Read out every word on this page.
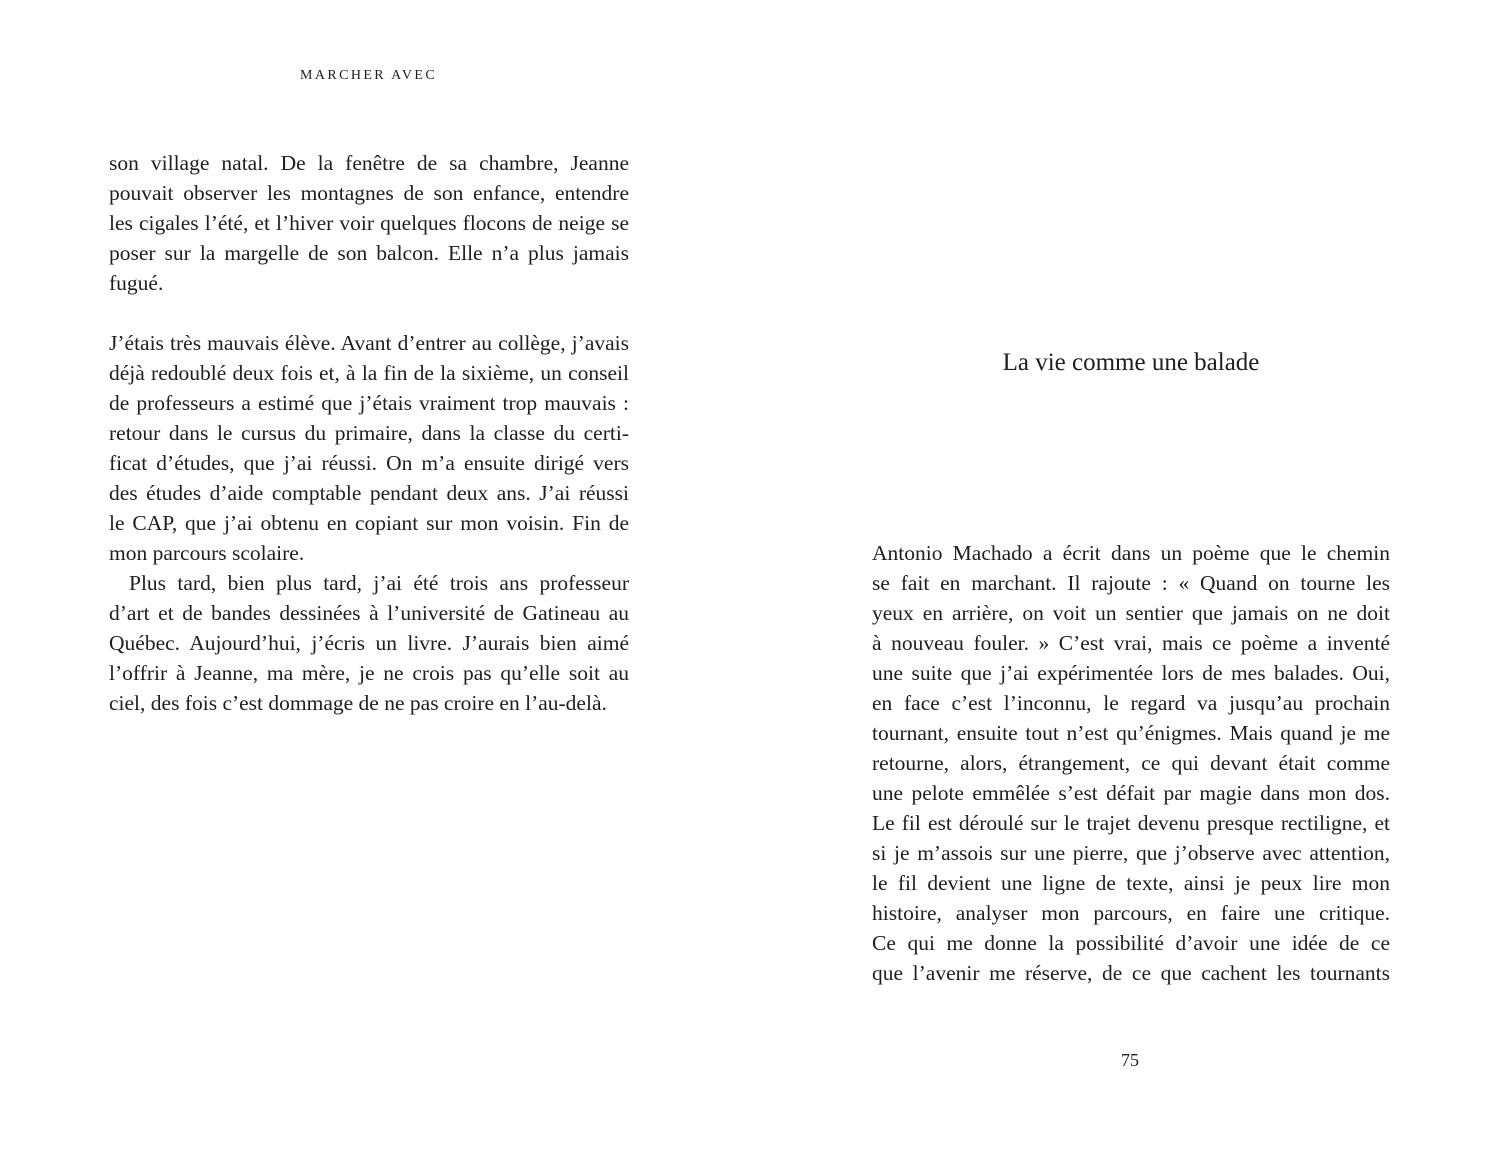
MARCHER AVEC

son village natal. De la fenêtre de sa chambre, Jeanne
pouvait observer les montagnes de son enfance, entendre
les cigales l’été, et l’hiver voir quelques flocons de neige se
poser sur la margelle de son balcon. Elle n’a plus jamais
fugué.
J’étais très mauvais élève. Avant d’entrer au collège, j’avais
déjà redoublé deux fois et, à la fin de la sixième, un conseil
de professeurs a estimé que j’étais vraiment trop mauvais :
retour dans le cursus du primaire, dans la classe du certi-
ficat d’études, que j’ai réussi. On m’a ensuite dirigé vers
des études d’aide comptable pendant deux ans. J’ai réussi
le CAP, que j’ai obtenu en copiant sur mon voisin. Fin de
mon parcours scolaire.
Plus tard, bien plus tard, j’ai été trois ans professeur
d’art et de bandes dessinées à l’université de Gatineau au
Québec. Aujourd’hui, j’écris un livre. J’aurais bien aimé
l’offrir à Jeanne, ma mère, je ne crois pas qu’elle soit au
ciel, des fois c’est dommage de ne pas croire en l’au-delà.
La vie comme une balade
Antonio Machado a écrit dans un poème que le chemin
se fait en marchant. Il rajoute : « Quand on tourne les
yeux en arrière, on voit un sentier que jamais on ne doit
à nouveau fouler. » C’est vrai, mais ce poème a inventé
une suite que j’ai expérimentée lors de mes balades. Oui,
en face c’est l’inconnu, le regard va jusqu’au prochain
tournant, ensuite tout n’est qu’énigmes. Mais quand je me
retourne, alors, étrangement, ce qui devant était comme
une pelote emmêlée s’est défait par magie dans mon dos.
Le fil est déroulé sur le trajet devenu presque rectiligne, et
si je m’assois sur une pierre, que j’observe avec attention,
le fil devient une ligne de texte, ainsi je peux lire mon
histoire, analyser mon parcours, en faire une critique.
Ce qui me donne la possibilité d’avoir une idée de ce
que l’avenir me réserve, de ce que cachent les tournants

75
